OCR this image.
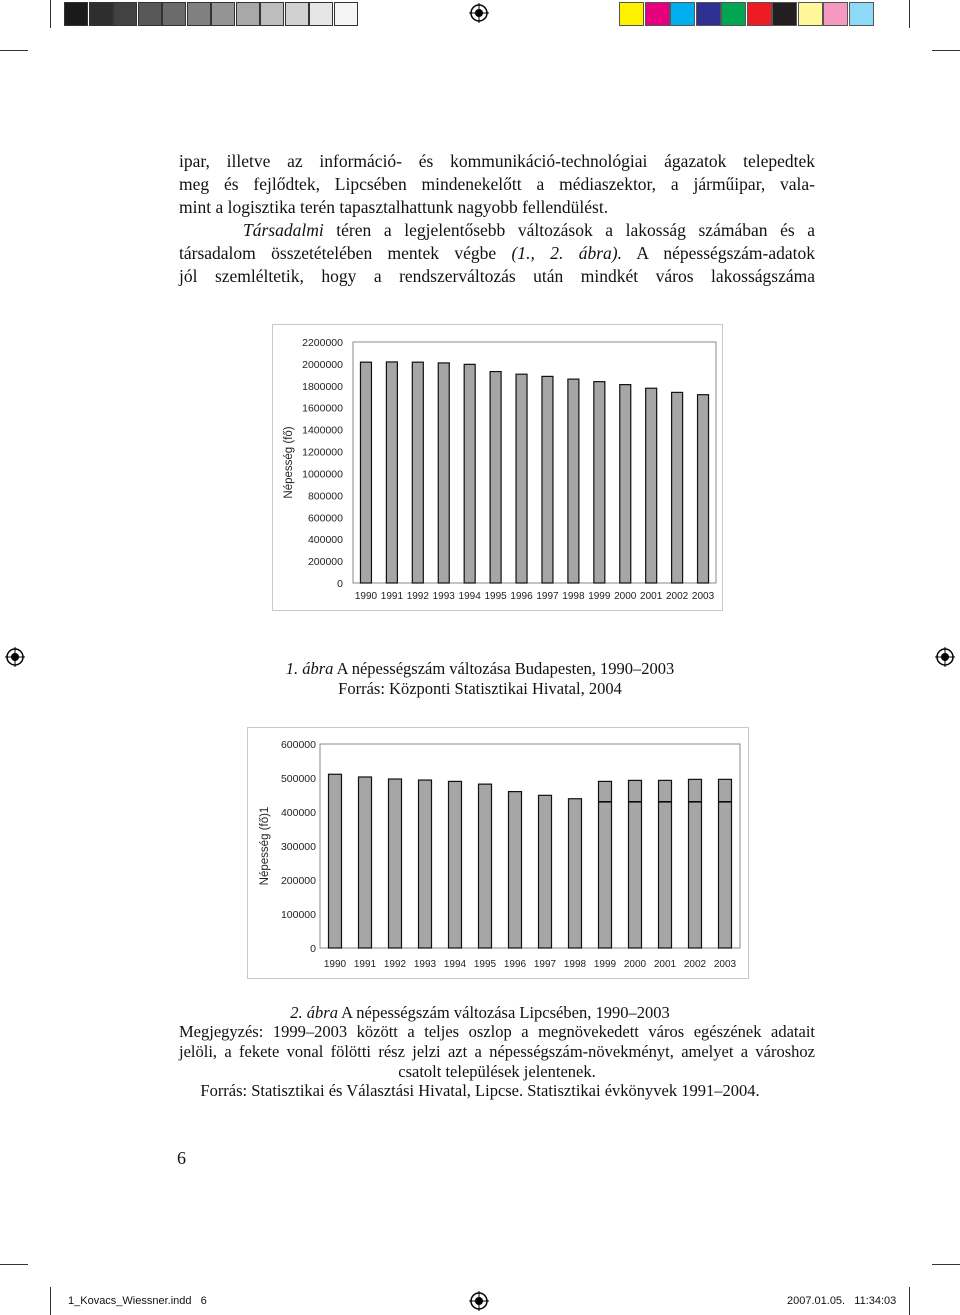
ipar, illetve az információ- és kommunikáció-technológiai ágazatok telepedtek
meg és fejlődtek, Lipcsében mindenekelőtt a médiaszektor, a járműipar, vala-
mint a logisztika terén tapasztalhattunk nagyobb fellendülést.
Társadalmi téren a legjelentősebb változások a lakosság számában és a
társadalom összetételében mentek végbe (1., 2. ábra). A népességszám-adatok
jól szemléltetik, hogy a rendszerváltozás után mindkét város lakosságszáma
0
200000
400000
600000
800000
1000000
1200000
1400000
1600000
1800000
2000000
2200000
Népesség (fő)
1990 1991 1992 1993 1994 1995 1996 1997 1998 1999 2000 2001 2002 2003
1. ábra A népességszám változása Budapesten, 1990–2003
Forrás: Központi Statisztikai Hivatal, 2004
0
100000
200000
300000
400000
500000
600000
Népesség (fő)1
1990 1991 1992 1993 1994 1995 1996 1997 1998 1999 2000 2001 2002 2003
2. ábra A népességszám változása Lipcsében, 1990–2003
Megjegyzés: 1999–2003 között a teljes oszlop a megnövekedett város egészének adatait
jelöli, a fekete vonal fölötti rész jelzi azt a népességszám-növekményt, amelyet a városhoz
csatolt települések jelentenek.
Forrás: Statisztikai és Választási Hivatal, Lipcse. Statisztikai évkönyvek 1991–2004.
6
1_Kovacs_Wiessner.indd   6	2007.01.05.   11:34:03
